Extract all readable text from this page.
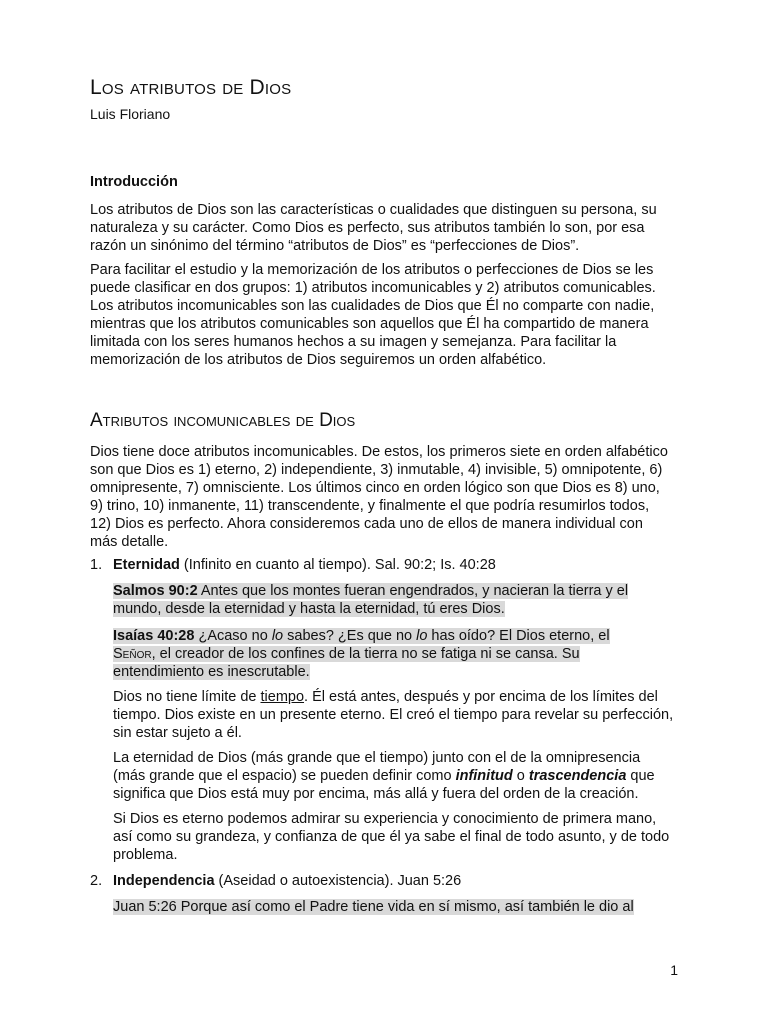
Los atributos de Dios
Luis Floriano
Introducción

Los atributos de Dios son las características o cualidades que distinguen su persona, su naturaleza y su carácter. Como Dios es perfecto, sus atributos también lo son, por esa razón un sinónimo del término “atributos de Dios” es “perfecciones de Dios”.

Para facilitar el estudio y la memorización de los atributos o perfecciones de Dios se les puede clasificar en dos grupos: 1) atributos incomunicables y 2) atributos comunicables. Los atributos incomunicables son las cualidades de Dios que Él no comparte con nadie, mientras que los atributos comunicables son aquellos que Él ha compartido de manera limitada con los seres humanos hechos a su imagen y semejanza. Para facilitar la memorización de los atributos de Dios seguiremos un orden alfabético.

Atributos incomunicables de Dios

Dios tiene doce atributos incomunicables. De estos, los primeros siete en orden alfabético son que Dios es 1) eterno, 2) independiente, 3) inmutable, 4) invisible, 5) omnipotente, 6) omnipresente, 7) omnisciente. Los últimos cinco en orden lógico son que Dios es 8) uno, 9) trino, 10) inmanente, 11) transcendente, y finalmente el que podría resumirlos todos, 12) Dios es perfecto. Ahora consideremos cada uno de ellos de manera individual con más detalle.

1. Eternidad (Infinito en cuanto al tiempo). Sal. 90:2; Is. 40:28
Salmos 90:2 Antes que los montes fueran engendrados, y nacieran la tierra y el mundo, desde la eternidad y hasta la eternidad, tú eres Dios.
Isaías 40:28 ¿Acaso no lo sabes? ¿Es que no lo has oído? El Dios eterno, el Señor, el creador de los confines de la tierra no se fatiga ni se cansa. Su entendimiento es inescrutable.
Dios no tiene límite de tiempo. Él está antes, después y por encima de los límites del tiempo. Dios existe en un presente eterno. El creó el tiempo para revelar su perfección, sin estar sujeto a él.
La eternidad de Dios (más grande que el tiempo) junto con el de la omnipresencia (más grande que el espacio) se pueden definir como infinitud o trascendencia que significa que Dios está muy por encima, más allá y fuera del orden de la creación.
Si Dios es eterno podemos admirar su experiencia y conocimiento de primera mano, así como su grandeza, y confianza de que él ya sabe el final de todo asunto, y de todo problema.
2. Independencia (Aseidad o autoexistencia). Juan 5:26
Juan 5:26 Porque así como el Padre tiene vida en sí mismo, así también le dio al
1
